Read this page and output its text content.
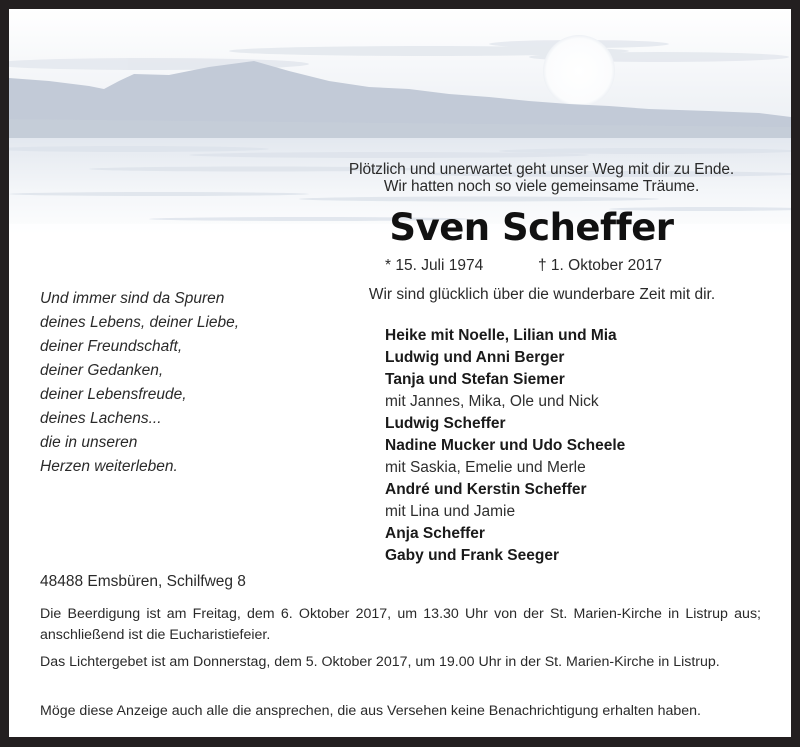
Plötzlich und unerwartet geht unser Weg mit dir zu Ende.
Wir hatten noch so viele gemeinsame Träume.
Sven Scheffer
* 15. Juli 1974	† 1. Oktober 2017
Wir sind glücklich über die wunderbare Zeit mit dir.
Und immer sind da Spuren
deines Lebens, deiner Liebe,
deiner Freundschaft,
deiner Gedanken,
deiner Lebensfreude,
deines Lachens...
die in unseren
Herzen weiterleben.
Heike mit Noelle, Lilian und Mia
Ludwig und Anni Berger
Tanja und Stefan Siemer
mit Jannes, Mika, Ole und Nick
Ludwig Scheffer
Nadine Mucker und Udo Scheele
mit Saskia, Emelie und Merle
André und Kerstin Scheffer
mit Lina und Jamie
Anja Scheffer
Gaby und Frank Seeger
48488 Emsbüren, Schilfweg 8
Die Beerdigung ist am Freitag, dem 6. Oktober 2017, um 13.30 Uhr von der St. Marien-Kirche in Listrup aus; anschließend ist die Eucharistiefeier.
Das Lichtergebet ist am Donnerstag, dem 5. Oktober 2017, um 19.00 Uhr in der St. Marien-Kirche in Listrup.
Möge diese Anzeige auch alle die ansprechen, die aus Versehen keine Benachrichtigung erhalten haben.
